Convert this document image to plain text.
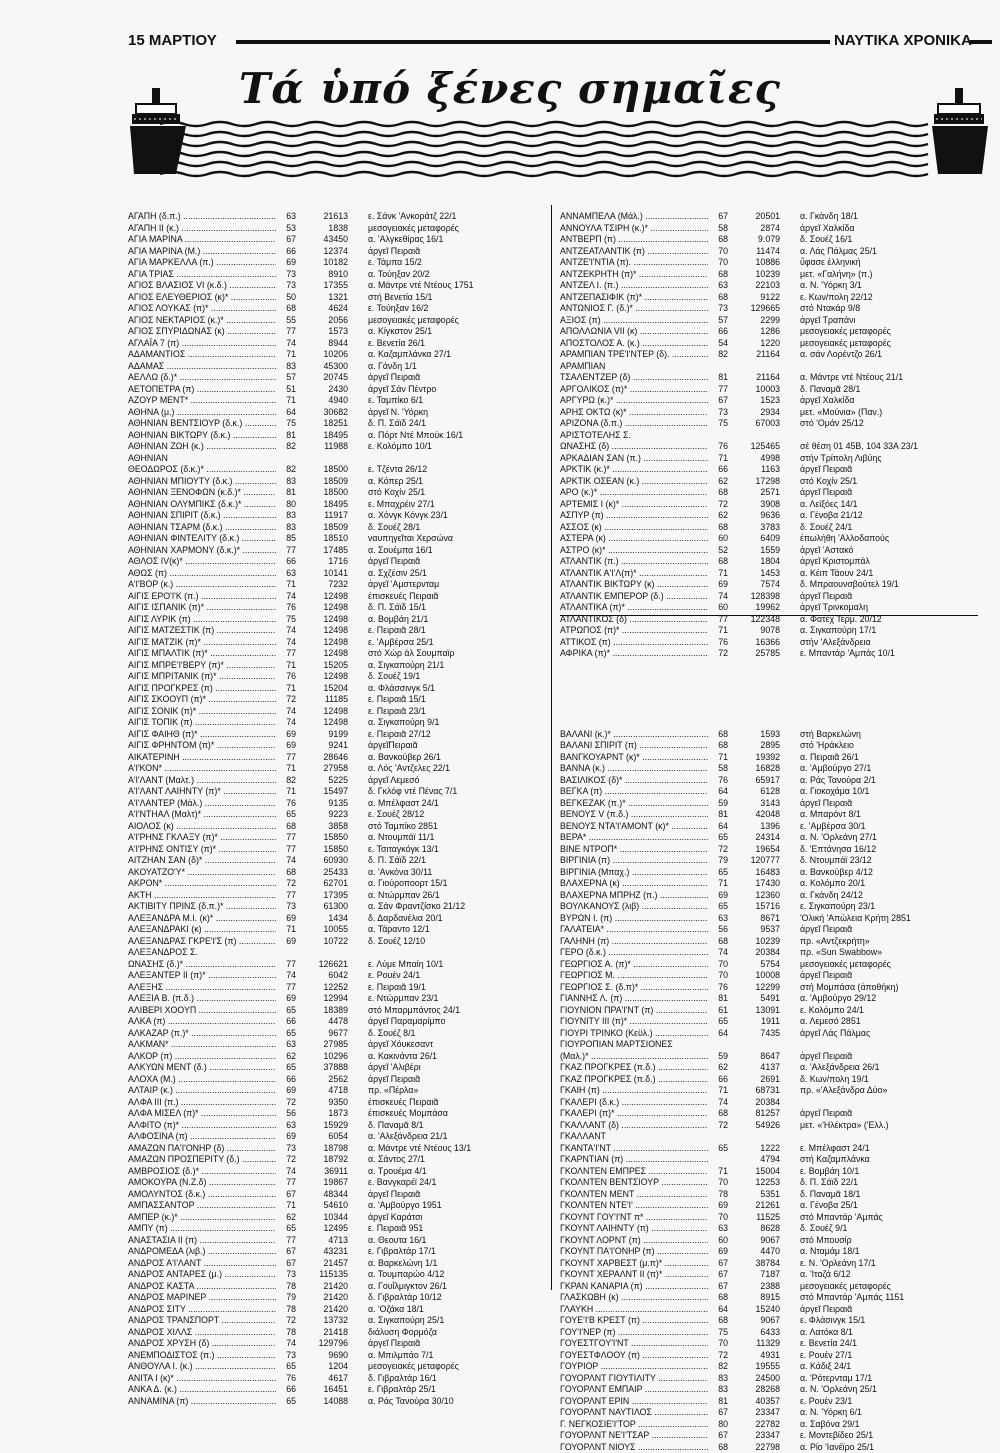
15 ΜΑΡΤΙΟΥ	ΝΑΥΤΙΚΑ ΧΡΟΝΙΚΑ
Τά ὑπό ξένες σημαῖες
ΑΓΑΠΗ (δ.π.) .....	63	21613 ε. Σάνκ 'Ανκοράτζ 22/1
ΑΓΑΠΗ ΙΙ (κ.) .....	53	1838 μεσογειακές μεταφορές
ΑΓΙΑ ΜΑΡΙΝΑ .....	67	43450 α. 'Αλγκεθίρας 16/1
ΑΓΙΑ ΜΑΡΙΝΑ (Μ.) .....	66	12374 ἀργεῖ Πειραιᾶ
ΑΓΙΑ ΜΑΡΚΕΛΛΑ (π.) .....	69	10182 ε. Τάμπα 15/2
ΑΓΙΑ ΤΡΙΑΣ .....	73	8910 α. Τούηξαν 20/2
ΑΓΙΟΣ ΒΛΑΣΙΟΣ VI (κ.δ.) .....	73	17355 α. Μάντρε ντέ Ντέους 1751
ΑΓΙΟΣ ΕΛΕΥΘΕΡΙΟΣ (κ)* .....	50	1321 στή Βενετία 15/1
ΑΓΙΟΣ ΛΟΥΚΑΣ (π)* .....	68	4624 ε. Τούηξαν 16/2
ΑΓΙΟΣ ΝΕΚΤΑΡΙΟΣ (κ.)* .....	55	2056 μεσογειακές μεταφορές
ΑΓΙΟΣ ΣΠΥΡΙΔΩΝΑΣ (κ) .....	77	1573 α. Κίγκστον 25/1
ΑΓΛΑΪΑ 7 (π) .....	74	8944 ε. Βενετία 26/1
ΑΔΑΜΑΝΤΙΟΣ .....	71	10206 α. Καζαμπλάνκα 27/1
ΑΔΑΜΑΣ .....	83	45300 α. Γάνδη 1/1
ΑΕΛΛΩ (δ.)* .....	57	20745 ἀργεῖ Πειραιᾶ
ΑΕΤΟΠΕΤΡΑ (π) .....	51	2430 ἀργεῖ Σάν Πέντρο
ΑΖΟΥΡ ΜΕΝΤ* .....	71	4940 ε. Ταμπίκο 6/1
ΑΘΗΝΑ (μ.) .....	64	30682 ἀργεῖ Ν. 'Υόρκη
ΑΘΗΝΙΑΝ ΒΕΝΤΣΙΟΥΡ (δ.κ.) .....	75	18251 δ. Π. Σάϊδ 24/1
ΑΘΗΝΙΑΝ ΒΙΚΤΩΡΥ (δ.κ.) .....	81	18495 α. Πόρτ Ντέ Μπούκ 16/1
ΑΘΗΝΙΑΝ ΖΩΗ (κ.) .....	82	11988 ε. Κολόμπο 10/1
ΑΘΗΝΙΑΝ
ΘΕΟΔΩΡΟΣ (δ.κ.)* .....	82	18500 ε. Τζέντα 26/12
ΑΘΗΝΙΑΝ ΜΠΙΟΥΤΥ (δ.κ.) .....	83	18509 α. Κόπερ 25/1
ΑΘΗΝΙΑΝ ΞΕΝΟΦΩΝ (κ.δ.)* .....	81	18500 στό Κοχίν 25/1
ΑΘΗΝΙΑΝ ΟΛΥΜΠΙΚΣ (δ.κ.)* .....	80	18495 ε. Μπαχρέιν 27/1
ΑΘΗΝΙΑΝ ΣΠΙΡΙΤ (δ.κ.) .....	83	11917 α. Χόνγκ Κόνγκ 23/1
ΑΘΗΝΙΑΝ ΤΣΑΡΜ (δ.κ.) .....	83	18509 δ. Σουέζ 28/1
ΑΘΗΝΙΑΝ ΦΙΝΤΕΛΙΤΥ (δ.κ.) .....	85	18510 ναυπηγεῖται Χερσώνα
ΑΘΗΝΙΑΝ ΧΑΡΜΟΝΥ (δ.κ.)* .....	77	17485 α. Σουέμπα 16/1
ΑΘΛΟΣ IV(κ)* .....	66	1716 ἀργεῖ Πειραιᾶ
ΑΘΩΣ (π) .....	63	10141 α. Σχζέσιν 25/1
Α'Ι'ΒΟΡ (κ.) .....	71	7232 ἀργεῖ 'Αμστερνταμ
ΑΙΓΙΣ ΕΡΟ'Ι'Κ (π.) .....	74	12498 ἐπισκευές Πειραιᾶ
ΑΙΓΙΣ ΙΣΠΑΝΙΚ (π)* .....	76	12498 δ. Π. Σάϊδ 15/1
ΑΙΓΙΣ ΛΥΡΙΚ (π) .....	75	12498 α. Βομβάη 21/1
ΑΙΓΙΣ ΜΑΤΖΕΣΤΙΚ (π) .....	74	12498 ε. Πειραιᾶ 28/1
ΑΙΓΙΣ ΜΑΤΖΙΚ (π)* .....	74	12498 ε. 'Αμβέρσα 25/1
ΑΙΓΙΣ ΜΠΑΛΤΙΚ (π)* .....	77	12498 στό Χώρ άλ Σουμπαϊρ
ΑΙΓΙΣ ΜΠΡΕ'Ι'ΒΕΡΥ (π)* .....	71	15205 α. Σιγκαπούρη 21/1
ΑΙΓΙΣ ΜΠΡΙΤΑΝΙΚ (π)* .....	76	12498 δ. Σουέζ 19/1
ΑΙΓΙΣ ΠΡΟΓΚΡΕΣ (π) .....	71	15204 α. Φλάσσινγκ 5/1
ΑΙΓΙΣ ΣΚΟΟΥΠ (π)* .....	72	11185 ε. Πειραιᾶ 15/1
ΑΙΓΙΣ ΣΟΝΙΚ (π)* .....	74	12498 ε. Πειραιᾶ 23/1
ΑΙΓΙΣ ΤΟΠΙΚ (π) .....	74	12498 α. Σιγκαπούρη 9/1
ΑΙΓΙΣ ΦΑΙΗΘ (π)* .....	69	9199 ε. Πειραιᾶ 27/12
ΑΙΓΙΣ ΦΡΗΝΤΟΜ (π)* .....	69	9241 ἀργεῖΠειραιᾶ
ΑΙΚΑΤΕΡΙΝΗ .....	77	28646 α. Βανκούβερ 26/1
Α'Ι'ΚΟΝ* .....	71	27958 α. Λός 'Αντζελες 22/1
Α'Ι'ΛΑΝΤ (Μαλτ.) .....	82	5225 ἀργεῖ Λεμεσό
Α'Ι'ΛΑΝΤ ΛΑΙΗΝΤΥ (π)* .....	71	15497 δ. Γκλόφ ντέ Πένας 7/1
Α'Ι'ΛΑΝΤΕΡ (Μάλ.) .....	76	9135 α. Μπέλφαστ 24/1
Α'Ι'ΝΤΗΑΛ (Μαλτ)* .....	65	9223 ε. Σουέζ 28/12
ΑΙΟΛΟΣ (κ) .....	68	3858 στό Ταμπίκο 2851
Α'Ι'ΡΗΝΣ ΓΚΛΑΞΥ (π)* .....	77	15850 α. Ντουμπάϊ 11/1
Α'Ι'ΡΗΝΣ ΟΝΤΙΣΥ (π)* .....	77	15850 ε. Τσιταγκόγκ 13/1
ΑΙΤΖΗΑΝ ΣΑΝ (δ)* .....	74	60930 δ. Π. Σάϊδ 22/1
ΑΚΟΥΑΤΖΟ'Υ* .....	68	25433 α. 'Ανκόνα 30/11
ΑΚΡΟΝ* .....	72	62701 α. Γιούροποορτ 15/1
ΑΚΤΗ .....	77	17395 α. Ντώρμπαν 26/1
ΑΚΤΙΒΙΤΥ ΠΡΙΝΣ (δ.π.)* .....	73	61300 α. Σάν Φραντζίσκο 21/12
ΑΛΕΞΑΝΔΡΑ Μ.Ι. (κ)* .....	69	1434 δ. Δαρδανέλια 20/1
ΑΛΕΞΑΝΔΡΑΚΙ (κ) .....	71	10055 α. Τάραντο 12/1
ΑΛΕΞΑΝΔΡΑΣ ΓΚΡΕ'Ι'Σ (π) .....	69	10722 δ. Σουέζ 12/10
ΑΛΕΞΑΝΔΡΟΣ Σ.
ΩΝΑΣΗΣ (δ.)* .....	77	126621 ε. Λύμε Μπαίη 10/1
ΑΛΕΞΑΝΤΕΡ ΙΙ (π)* .....	74	6042 ε. Ρουέν 24/1
ΑΛΕΞΗΣ .....	77	12252 ε. Πειραιᾶ 19/1
ΑΛΕΞΙΑ Β. (π.δ.) .....	69	12994 ε. Ντώρμπαν 23/1
ΑΛΙΒΕΡΙ ΧΟΟΥΠ .....	65	18389 στό Μπαρμπάντος 24/1
ΑΛΚΑ (π) .....	66	4478 ἀργεῖ Παραμαρίμπο
ΑΛΚΑΖΑΡ (π.)* .....	65	9677 δ. Σουέζ 8/1
ΑΛΚΜΑΝ* .....	63	27985 ἀργεῖ Χόυκεσαντ
ΑΛΚΟΡ (π) .....	62	10296 α. Κακινάντα 26/1
ΑΛΚΥΩΝ ΜΕΝΤ (δ.) .....	65	37888 ἀργεῖ 'Αλιβέρι
ΑΛΟΧΑ (Μ.) .....	66	2562 ἀργεῖ Πειραιᾶ
ΑΛΤΑΙΡ (κ.) .....	69	4718 πρ. «Πέρλα»
ΑΛΦΑ III (π.) .....	72	9350 ἐπισκευές Πειραιᾶ
ΑΛΦΑ ΜΙΣΕΛ (π)* .....	56	1873 ἐπισκευές Μομπάσα
ΑΛΦΙΤΟ (π)* .....	63	15929 δ. Παναμᾶ 8/1
ΑΛΦΟΣΙΝΑ (π) .....	69	6054 α. 'Αλεξάνδρεια 21/1
ΑΜΑΖΩΝ ΠΑ'Ι'ΟΝΗΡ (δ) .....	73	18798 α. Μάντρε ντέ Ντέους 13/1
ΑΜΑΖΩΝ ΠΡΟΣΠΕΡΙΤΥ (δ.) .....	72	18792 α. Σάντος 27/1
ΑΜΒΡΟΣΙΟΣ (δ.)* .....	74	36911 α. Τρουέμα 4/1
ΑΜΟΚΟΥΡΑ (Ν.Ζ.δ) .....	77	19867 ε. Βανγκαρέϊ 24/1
ΑΜΟΛΥΝΤΟΣ (δ.κ.) .....	67	48344 ἀργεῖ Πειραιᾶ
ΑΜΠΑΣΣΑΝΤΟΡ .....	71	54610 α. 'Αμβούργο 1951
ΑΜΠΕΡ (κ.)* .....	62	10344 ἀργεῖ Καράτσι
ΑΜΠΥ (π) .....	65	12495 ε. Πειραιᾶ 951
ΑΝΑΣΤΑΣΙΑ ΙΙ (π) .....	77	4713 α. Θεουτα 16/1
ΑΝΔΡΟΜΕΔΑ (λιβ.) .....	67	43231 ε. Γιβραλτάρ 17/1
ΑΝΔΡΟΣ Α'Ι'ΛΑΝΤ .....	67	21457 α. Βαρκελώνη 1/1
ΑΝΔΡΟΣ ΑΝΤΑΡΕΣ (μ.) .....	73	115135 α. Τουμπαρώο 4/12
ΑΝΔΡΟΣ ΚΑΣΤΑ .....	78	21420 α. Γουΐλμιγκτον 26/1
ΑΝΔΡΟΣ ΜΑΡΙΝΕΡ .....	79	21420 δ. Γιβραλτάρ 10/12
ΑΝΔΡΟΣ ΣΙΤΥ .....	78	21420 α. 'Οζάκα 18/1
ΑΝΔΡΟΣ ΤΡΑΝΣΠΟΡΤ .....	72	13732 α. Σιγκαπούρη 25/1
ΑΝΔΡΟΣ ΧΙΛΛΣ .....	78	21418 διάλυση Φορμόζα
ΑΝΔΡΟΣ ΧΡΥΣΗ (δ) .....	74	129796 ἀργεῖ Πειραιᾶ
ΑΝΕΜΠΟΔΙΣΤΟΣ (π.) .....	73	9690 α. Μπιλμπάο 7/1
ΑΝΘΟΥΛΑ Ι. (κ.) .....	65	1204 μεσογειακές μεταφορές
ΑΝΙΤΑ Ι (κ)* .....	76	4617 δ. Γιβραλτάρ 16/1
ΑΝΚΑ Δ. (κ.) .....	66	16451 ε. Γιβραλτάρ 25/1
ΑΝΝΑΜΙΝΑ (π) .....	65	14088 α. Ράς Τανούρα 30/10
ΑΝΝΑΜΠΕΛΑ (Μάλ.) .....	67	20501 α. Γκάνδη 18/1
ΑΝΝΟΥΛΑ ΤΣΙΡΗ (κ.)* .....	58	2874 ἀργεῖ Χαλκίδα
ΑΝΤΒΕΡΠ (π) .....	68	9.079 δ. Σουέζ 16/1
ΑΝΤΖΕΑΤΛΑΝΤΙΚ (π) .....	70	11474 α. Λάς Πάλμας 25/1
ΑΝΤΖΕ'Ι'ΝΤΙΑ (π). .....	70	10886 ὕφασε ἑλληνική
ΑΝΤΖΕΚΡΗΤΗ (π)* .....	68	10239 μετ. «Γαλήνη» (π.)
ΑΝΤΖΕΛ Ι. (π.) .....	63	22103 α. Ν. 'Υόρκη 3/1
ΑΝΤΖΕΠΑΣΙΦΙΚ (π)* .....	68	9122 ε. Κων/πολη 22/12
ΑΝΤΩΝΙΟΣ Γ. (δ.)* .....	73	129665 στό Ντακάρ 9/8
ΑΞΙΟΣ (π) .....	57	2299 ἀργεῖ Τραπάνι
ΑΠΟΛΛΩΝΙΑ VII (κ) .....	66	1286 μεσογειακές μεταφορές
ΑΠΟΣΤΟΛΟΣ Α. (κ.) .....	54	1220 μεσογειακές μεταφορές
ΑΡΑΜΠΙΑΝ ΤΡΕ'Ι'ΝΤΕΡ (δ). .....	82	21164 α. σάν Λορέντζο 26/1
ΑΡΑΜΠΙΑΝ
ΤΣΑΛΕΝΤΖΕΡ (δ) .....	81	21164 α. Μάντρε ντέ Ντέους 21/1
ΑΡΓΟΛΙΚΟΣ (π)* .....	77	10003 δ. Παναμᾶ 28/1
ΑΡΓΥΡΩ (κ.)* .....	67	1523 ἀργεῖ Χαλκίδα
ΑΡΗΣ ΟΚΤΩ (κ)* .....	73	2934 μετ. «Μούνια» (Παν.)
ΑΡΙΖΟΝΑ (δ.π.) .....	75	67003 στό 'Ομάν 25/12
ΑΡΙΣΤΟΤΕΛΗΣ Σ.
ΩΝΑΣΗΣ (δ) .....	76	125465 σέ θέση 01 45Β, 104 33Α 23/1
ΑΡΚΑΔΙΑΝ ΣΑΝ (π.) .....	71	4998 στήν Τρίπολη Λιβύης
ΑΡΚΤΙΚ (κ.)* .....	66	1163 ἀργεῖ Πειραιᾶ
ΑΡΚΤΙΚ ΟΣΕΑΝ (κ.) .....	62	17298 στό Κοχίν 25/1
ΑΡΟ (κ.)* .....	68	2571 ἀργεῖ Πειραιᾶ
ΑΡΤΕΜΙΣ Ι (κ)* .....	72	3908 α. Λεϊξόες 14/1
ΑΣΠΥΡ (π) .....	62	9636 α. Γένοβα 21/12
ΑΣΣΟΣ (κ) .....	68	3783 δ. Σουέζ 24/1
ΑΣΤΕΡΑ (κ) .....	60	6409 ἐπωλήθη 'Αλλοδαπούς
ΑΣΤΡΟ (κ)* .....	52	1559 ἀργεῖ 'Αστακό
ΑΤΛΑΝΤΙΚ (π.) .....	68	1804 ἀργεῖ Κριστομπάλ
ΑΤΛΑΝΤΙΚ Α'Ι'Λ(π)* .....	71	1453 α. Κέιπ Τάουν 24/1
ΑΤΛΑΝΤΙΚ ΒΙΚΤΩΡΥ (κ) .....	69	7574 δ. Μπραουνσβούτελ 19/1
ΑΤΛΑΝΤΙΚ ΕΜΠΕΡΟΡ (δ.) .....	74	128398 ἀργεῖ Πειραιᾶ
ΑΤΛΑΝΤΙΚΑ (π)* .....	60	19962 ἀργεῖ Τρινκομαλη
ΑΤΛΑΝΤΙΚΟΣ (δ) .....	77	122348 α. Φατέχ Τέρμ. 20/12
ΑΤΡΩΠΟΣ (π)* .....	71	9078 α. Σιγκαπούρη 17/1
ΑΤΤΙΚΟΣ (π) .....	76	16366 στήν 'Αλεξάνδρεια
ΑΦΡΙΚΑ (π)* .....	72	25785 ε. Μπαντάρ 'Αμπάς 10/1
ΒΑΛΑΝΙ (κ.)* .....	68	1593 στή Βαρκελώνη
ΒΑΛΑΝΙ ΣΠΙΡΙΤ (π) .....	68	2895 στό 'Ηράκλειο
ΒΑΝΓΚΟΥΑΡΝΤ (κ)* .....	71	19392 α. Πειραιᾶ 26/1
ΒΑΝΝΑ (κ.) .....	58	16828 α. 'Αμβούργο 27/1
ΒΑΣΙΛΙΚΟΣ (δ)* .....	76	65917 α. Ράς Τανούρα 2/1
ΒΕΓΚΑ (π) .....	64	6128 α. Γιοκοχάμα 10/1
ΒΕΓΚΕΖΑΚ (π.)* .....	59	3143 ἀργεῖ Πειραιᾶ
ΒΕΝΟΥΣ V (π.δ.) .....	81	42048 α. Μπαρόντ 8/1
ΒΕΝΟΥΣ ΝΤΑ'Ι'ΑΜΟΝΤ (κ)* .....	64	1396 ε. 'Αμβέρσα 30/1
ΒΕΡΑ* .....	65	24314 α. Ν. 'Ορλεάνη 27/1
ΒΙΝΕ ΝΤΡΟΠ* .....	72	19654 δ. 'Επτάνησα 16/12
ΒΙΡΓΙΝΙΑ (π) .....	79	120777 δ. Ντουμπάϊ 23/12
ΒΙΡΓΙΝΙΑ (Μπαχ.) .....	65	16483 α. Βανκούβερ 4/12
ΒΛΑΧΕΡΝΑ (κ) .....	71	17430 α. Κολόμπο 20/1
ΒΛΑΧΕΡΝΑ ΜΠΡΗΖ (π.) .....	69	12360 α. Γκάνδη 24/12
ΒΟΥΛΚΑΝΟΥΣ (λιβ) .....	65	15716 ε. Σιγκαπούρη 23/1
ΒΥΡΩΝ Ι. (π) .....	63	8671 'Ολική 'Απώλεια Κρήτη 2851
ΓΑΛΑΤΕΙΑ* .....	56	9537 ἀργεῖ Πειραιᾶ
ΓΑΛΗΝΗ (π) .....	68	10239 πρ. «Αντζεκρήτη»
ΓΕΡΟ (δ.κ.) .....	74	20384 πρ. «Sun Swabbow»
ΓΕΩΡΓΙΟΣ Α. (π)* .....	70	5754 μεσογειακές μεταφορές
ΓΕΩΡΓΙΟΣ Μ. .....	70	10008 ἀργεῖ Πειραιᾶ
ΓΕΩΡΓΙΟΣ Σ. (δ.π)* .....	76	12299 στή Μομπάσα (ἀποθήκη)
ΓΙΑΝΝΗΣ Λ. (π) .....	81	5491 α. 'Αμβούργο 29/12
ΓΙΟΥΝΙΟΝ ΠΡΑ'Ι'ΝΤ (π) .....	61	13091 ε. Κολόμπο 24/1
ΓΙΟΥΝΙΤΥ ΙΙΙ (π)* .....	65	1911 α. Λεμεσό 2851
ΓΙΟΥΡΙ ΤΡΙΝΚΟ (Κεϋλ.) .....	64	7435 ἀργεῖ Λάς Πάλμας
ΓΙΟΥΡΟΠΙΑΝ ΜΑΡΤΣΙΟΝΕΣ
(Μαλ.)* .....	59	8647 ἀργεῖ Πειραιᾶ
ΓΚΑΖ ΠΡΟΓΚΡΕΣ (π.δ.) .....	62	4137 α. 'Αλεξάνδρεια 26/1
ΓΚΑΖ ΠΡΟΓΚΡΕΣ (π.δ.) .....	66	2691 δ. Κων/πολη 19/1
ΓΚΑΙΗ (π) .....	71	68731 πρ. «'Αλεξάνδρα Δύο»
ΓΚΑΛΕΡΙ (δ.κ.) .....	74	20384
ΓΚΑΛΕΡΙ (π)* .....	68	81257 ἀργεῖ Πειραιᾶ
ΓΚΑΛΛΑΝΤ (δ) .....	72	54926 μετ. «'Ηλέκτρα» ('Ελλ.)
ΓΚΑΛΛΑΝΤ
ΓΚΑΝΤΑ'Ι'ΝΤ .....	65	1222 ε. Μπέλφαστ 24/1
ΓΚΑΡΝΤΙΑΝ (π) .....	4794 στή Καζαμπλάνκα
ΓΚΟΛΝΤΕΝ ΕΜΠΡΕΣ .....	71	15004 ε. Βομβάη 10/1
ΓΚΟΛΝΤΕΝ ΒΕΝΤΣΙΟΥΡ .....	70	12253 δ. Π. Σάϊδ 22/1
ΓΚΟΛΝΤΕΝ ΜΕΝΤ .....	78	5351 δ. Παναμᾶ 18/1
ΓΚΟΛΝΤΕΝ ΝΤΕ'Ι' .....	69	21261 α. Γένοβα 25/1
ΓΚΟΥΝΤ ΓΟΥ'Ι'ΝΤ π* .....	70	11525 στό Μπαντάρ 'Αμπάς
ΓΚΟΥΝΤ ΛΑΙΗΝΤΥ (π) .....	63	8628 δ. Σουέζ 9/1
ΓΚΟΥΝΤ ΛΟΡΝΤ (π) .....	60	9067 στό Μπουσίρ
ΓΚΟΥΝΤ ΠΑ'Ι'ΟΝΗΡ (π) .....	69	4470 α. Νταμάμ 18/1
ΓΚΟΥΝΤ ΧΑΡΒΕΣΤ (μ.π)* .....	67	38784 ε. Ν. 'Ορλεάνη 17/1
ΓΚΟΥΝΤ ΧΕΡΑΛΝΤ ΙΙ (π)* .....	67	7187 α. 'Ιταζά 6/12
ΓΚΡΑΝ ΚΑΝΑΡΙΑ (π) .....	67	2388 μεσογειακές μεταφορές
ΓΛΑΣΚΩΒΗ (κ) .....	68	8915 στό Μπαντάρ 'Αμπάς 1151
ΓΛΑΥΚΗ .....	64	15240 ἀργεῖ Πειραιᾶ
ΓΟΥΕ'Ι'Β ΚΡΕΣΤ (π) .....	68	9067 ε. Φλάσινγκ 15/1
ΓΟΥ'Ι'ΝΕΡ (π) .....	75	6433 α. Λατόκα 8/1
ΓΟΥΕΣΤΓΟΥ'Ι'ΝΤ .....	70	11329 ε. Βενετία 24/1
ΓΟΥΕΣΤΦΛΟΟΥ (π) .....	72	4931 ε. Ρουέν 27/1
ΓΟΥΡΙΟΡ .....	82	19555 α. Κάδιξ 24/1
ΓΟΥΟΡΛΝΤ ΓΙΟΥΤΙΛΙΤΥ .....	83	24500 α. 'Ρότερνταμ 17/1
ΓΟΥΟΡΛΝΤ ΕΜΠΑΙΡ .....	83	28268 α. Ν. 'Ορλεάνη 25/1
ΓΟΥΟΡΛΝΤ ΕΡΙΝ .....	81	40357 ε. Ρουέν 23/1
ΓΟΥΟΡΛΝΤ ΝΑΥΤΙΛΟΣ .....	67	23347 α. Ν. 'Υόρκη 6/1
Γ. ΝΕΓΚΟΣΙΕ'Ι'ΤΟΡ .....	80	22782 α. Σαβόνα 29/1
ΓΟΥΟΡΛΝΤ ΝΕ'Ι'ΤΣΑΡ .....	67	23347 ε. Μοντεβίδεο 25/1
ΓΟΥΟΡΛΝΤ ΝΙΟΥΣ .....	68	22798 α. Ρίο 'Ιανέϊρο 25/1
